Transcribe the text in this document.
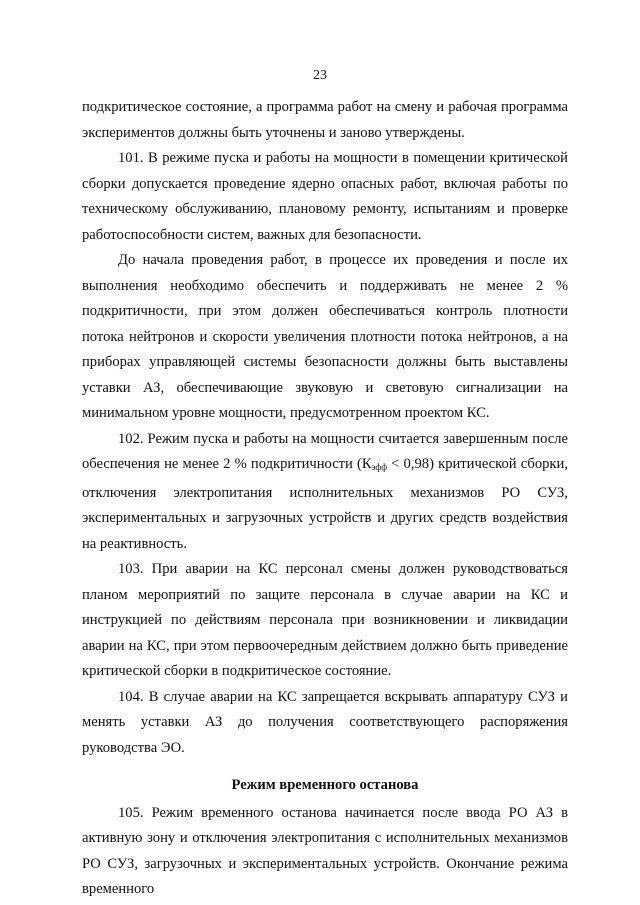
23

подкритическое состояние, а программа работ на смену и рабочая программа экспериментов должны быть уточнены и заново утверждены.

101. В режиме пуска и работы на мощности в помещении критической сборки допускается проведение ядерно опасных работ, включая работы по техническому обслуживанию, плановому ремонту, испытаниям и проверке работоспособности систем, важных для безопасности.

До начала проведения работ, в процессе их проведения и после их выполнения необходимо обеспечить и поддерживать не менее 2 % подкритичности, при этом должен обеспечиваться контроль плотности потока нейтронов и скорости увеличения плотности потока нейтронов, а на приборах управляющей системы безопасности должны быть выставлены уставки АЗ, обеспечивающие звуковую и световую сигнализации на минимальном уровне мощности, предусмотренном проектом КС.

102. Режим пуска и работы на мощности считается завершенным после обеспечения не менее 2 % подкритичности $(К_{эфф} < 0,98)$ критической сборки, отключения электропитания исполнительных механизмов РО СУЗ, экспериментальных и загрузочных устройств и других средств воздействия на реактивность.

103. При аварии на КС персонал смены должен руководствоваться планом мероприятий по защите персонала в случае аварии на КС и инструкцией по действиям персонала при возникновении и ликвидации аварии на КС, при этом первоочередным действием должно быть приведение критической сборки в подкритическое состояние.

104. В случае аварии на КС запрещается вскрывать аппаратуру СУЗ и менять уставки АЗ до получения соответствующего распоряжения руководства ЭО.

Режим временного останова

105. Режим временного останова начинается после ввода РО АЗ в активную зону и отключения электропитания с исполнительных механизмов РО СУЗ, загрузочных и экспериментальных устройств. Окончание режима временного
